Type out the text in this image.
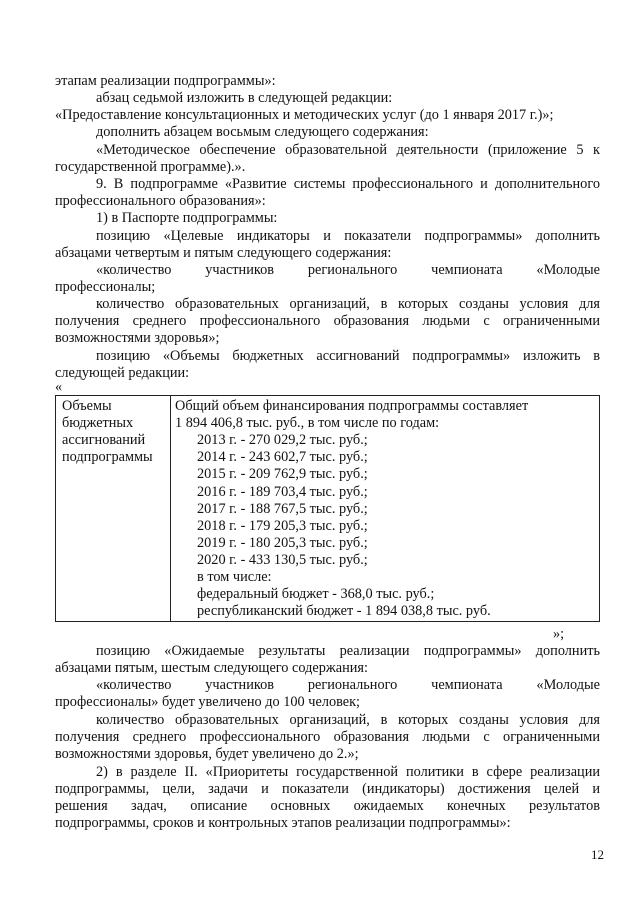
этапам реализации подпрограммы»:
абзац седьмой изложить в следующей редакции:
«Предоставление консультационных и методических услуг (до 1 января 2017 г.)»;
дополнить абзацем восьмым следующего содержания:
«Методическое обеспечение образовательной деятельности (приложение 5 к
государственной программе).».
9. В подпрограмме «Развитие системы профессионального и дополнительного
профессионального образования»:
1) в Паспорте подпрограммы:
позицию «Целевые индикаторы и показатели подпрограммы» дополнить
абзацами четвертым и пятым следующего содержания:
«количество участников регионального чемпионата «Молодые
профессионалы;
количество образовательных организаций, в которых созданы условия для
получения среднего профессионального образования людьми с ограниченными
возможностями здоровья»;
позицию «Объемы бюджетных ассигнований подпрограммы» изложить в
следующей редакции:
«
Объемы
бюджетных
ассигнований
подпрограммы
Общий объем финансирования подпрограммы составляет
1 894 406,8 тыс. руб., в том числе по годам:
2013 г. - 270 029,2 тыс. руб.;
2014 г. - 243 602,7 тыс. руб.;
2015 г. - 209 762,9 тыс. руб.;
2016 г. - 189 703,4 тыс. руб.;
2017 г. - 188 767,5 тыс. руб.;
2018 г. - 179 205,3 тыс. руб.;
2019 г. - 180 205,3 тыс. руб.;
2020 г. - 433 130,5 тыс. руб.;
в том числе:
федеральный бюджет - 368,0 тыс. руб.;
республиканский бюджет - 1 894 038,8 тыс. руб.
»;
позицию «Ожидаемые результаты реализации подпрограммы» дополнить
абзацами пятым, шестым следующего содержания:
«количество участников регионального чемпионата «Молодые
профессионалы» будет увеличено до 100 человек;
количество образовательных организаций, в которых созданы условия для
получения среднего профессионального образования людьми с ограниченными
возможностями здоровья, будет увеличено до 2.»;
2) в разделе II. «Приоритеты государственной политики в сфере реализации
подпрограммы, цели, задачи и показатели (индикаторы) достижения целей и
решения задач, описание основных ожидаемых конечных результатов
подпрограммы, сроков и контрольных этапов реализации подпрограммы»:
12
